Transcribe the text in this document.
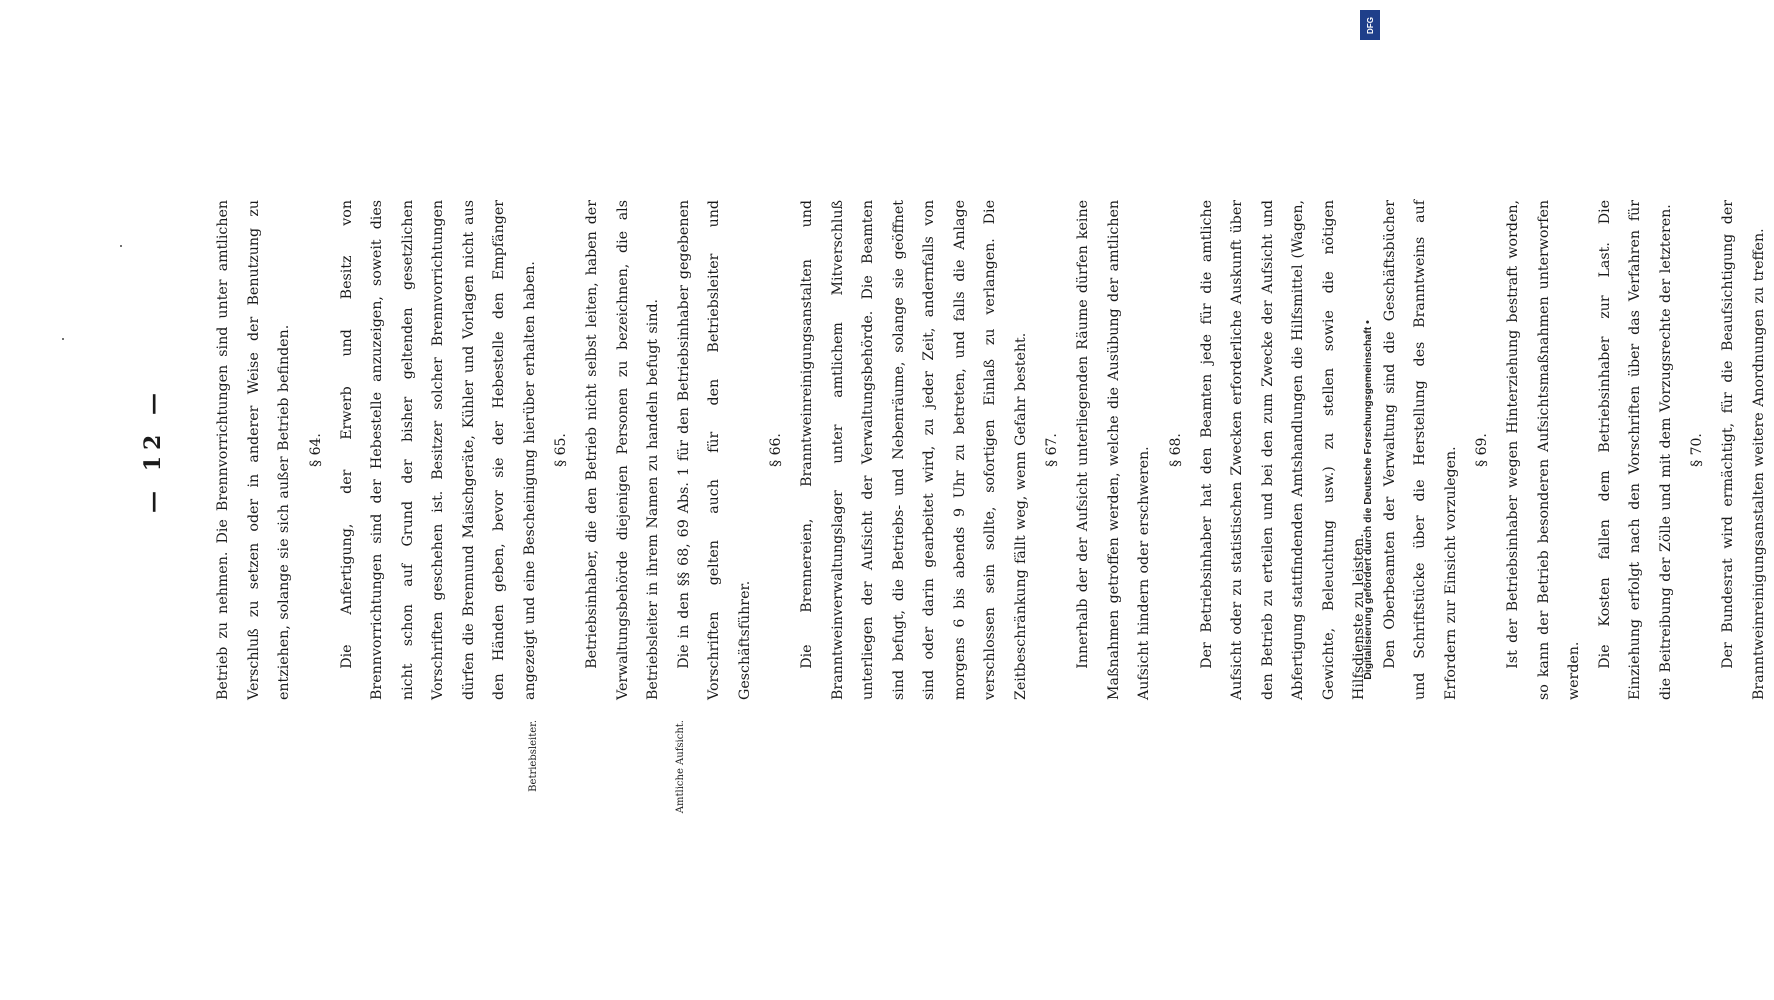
— 12 —
Betriebsleiter.	Amtliche Aufsicht.

Betrieb zu nehmen. Die Brennvorrichtungen sind unter amtlichen Verschluß zu setzen oder in anderer Weise der Benutzung zu entziehen, solange sie sich außer Betrieb befinden.	§ 64.	Die Anfertigung, der Erwerb und Besitz von Brennvorrichtungen sind der Hebestelle anzuzeigen, soweit dies nicht schon auf Grund der bisher geltenden gesetzlichen Vorschriften geschehen ist. Besitzer solcher Brennvorrichtungen dürfen die Brennund Maischgeräte, Kühler und Vorlagen nicht aus den Händen geben, bevor sie der Hebestelle den Empfänger angezeigt und eine Bescheinigung hierüber erhalten haben.	§ 65.	Betriebsinhaber, die den Betrieb nicht selbst leiten, haben der Verwaltungsbehörde diejenigen Personen zu bezeichnen, die als Betriebsleiter in ihrem Namen zu handeln befugt sind.	Die in den §§ 68, 69 Abs. 1 für den Betriebsinhaber gegebenen Vorschriften gelten auch für den Betriebsleiter und Geschäftsführer.

§ 66.	Die Brennereien, Branntweinreinigungsanstalten und Branntweinverwaltungslager unter amtlichem Mitverschluß unterliegen der Aufsicht der Verwaltungsbehörde. Die Beamten sind befugt, die Betriebs- und Nebenräume, solange sie geöffnet sind oder darin gearbeitet wird, zu jeder Zeit, andernfalls von morgens 6 bis abends 9 Uhr zu betreten, und falls die Anlage verschlossen sein sollte, sofortigen Einlaß zu verlangen. Die Zeitbeschränkung fällt weg, wenn Gefahr besteht.	§ 67.	Innerhalb der der Aufsicht unterliegenden Räume dürfen keine Maßnahmen getroffen werden, welche die Ausübung der amtlichen Aufsicht hindern oder erschweren.	§ 68.	Der Betriebsinhaber hat den Beamten jede für die amtliche Aufsicht oder zu statistischen Zwecken erforderliche Auskunft über den Betrieb zu erteilen und bei den zum Zwecke der Aufsicht und Abfertigung stattfindenden Amtshandlungen die Hilfsmittel (Wagen, Gewichte, Beleuchtung usw.) zu stellen sowie die nötigen Hilfsdienste zu leisten.	Den Oberbeamten der Verwaltung sind die Geschäftsbücher und Schriftstücke über die Herstellung des Branntweins auf Erfordern zur Einsicht vorzulegen.	§ 69.	Ist der Betriebsinhaber wegen Hinterziehung bestraft worden, so kann der Betrieb besonderen Aufsichtsmaßnahmen unterworfen werden.

Die Kosten fallen dem Betriebsinhaber zur Last. Die Einziehung erfolgt nach den Vorschriften über das Verfahren für die Beitreibung der Zölle und mit dem Vorzugsrechte der letzteren.	§ 70.	Der Bundesrat wird ermächtigt, für die Beaufsichtigung der Branntweinreinigungsanstalten weitere Anordnungen zu treffen.

DFG
Digitalisierung gefördert durch die Deutsche Forschungsgemeinschaft •
